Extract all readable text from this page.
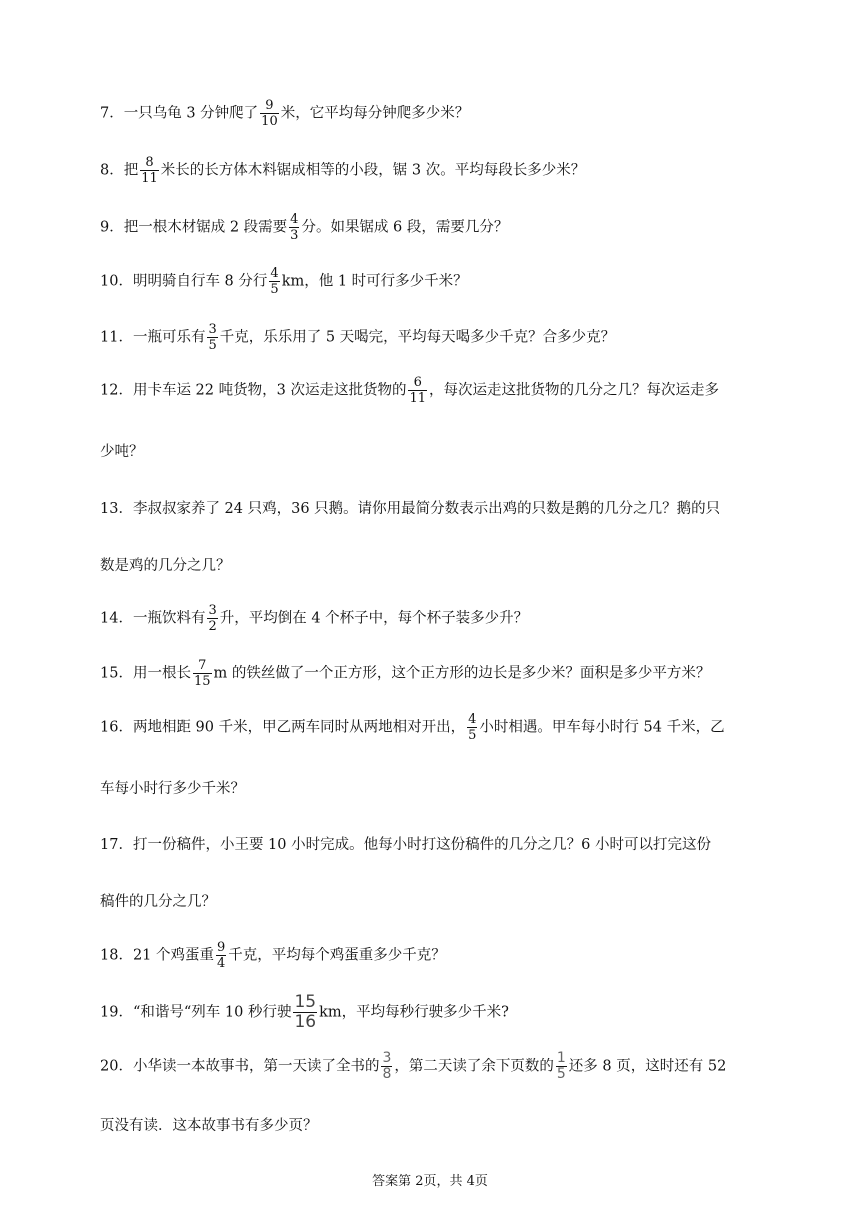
7．一只乌龟 3 分钟爬了 $\frac{9}{10}$ 米，它平均每分钟爬多少米？
8．把 $\frac{8}{11}$ 米长的长方体木料锯成相等的小段，锯 3 次。平均每段长多少米？
9．把一根木材锯成 2 段需要 $\frac{4}{3}$ 分。如果锯成 6 段，需要几分？
10．明明骑自行车 8 分行 $\frac{4}{5}$ km，他 1 时可行多少千米？
11．一瓶可乐有 $\frac{3}{5}$ 千克，乐乐用了 5 天喝完，平均每天喝多少千克？合多少克？
12．用卡车运 22 吨货物，3 次运走这批货物的 $\frac{6}{11}$ ，每次运走这批货物的几分之几？每次运走多
少吨？
13．李叔叔家养了 24 只鸡，36 只鹅。请你用最简分数表示出鸡的只数是鹅的几分之几？鹅的只
数是鸡的几分之几？
14．一瓶饮料有 $\frac{3}{2}$ 升，平均倒在 4 个杯子中，每个杯子装多少升？
15．用一根长 $\frac{7}{15}$ m 的铁丝做了一个正方形，这个正方形的边长是多少米？面积是多少平方米？
16．两地相距 90 千米，甲乙两车同时从两地相对开出， $\frac{4}{5}$ 小时相遇。甲车每小时行 54 千米，乙
车每小时行多少千米？
17．打一份稿件，小王要 10 小时完成。他每小时打这份稿件的几分之几？6 小时可以打完这份
稿件的几分之几？
18．21 个鸡蛋重 $\frac{9}{4}$ 千克，平均每个鸡蛋重多少千克？
19．“和谐号“列车 10 秒行驶 $\frac{15}{16}$ km，平均每秒行驶多少千米?
20．小华读一本故事书，第一天读了全书的 $\frac{3}{8}$ ，第二天读了余下页数的 $\frac{1}{5}$ 还多 8 页，这时还有 52
页没有读．这本故事书有多少页？
答案第 2页，共 4页
